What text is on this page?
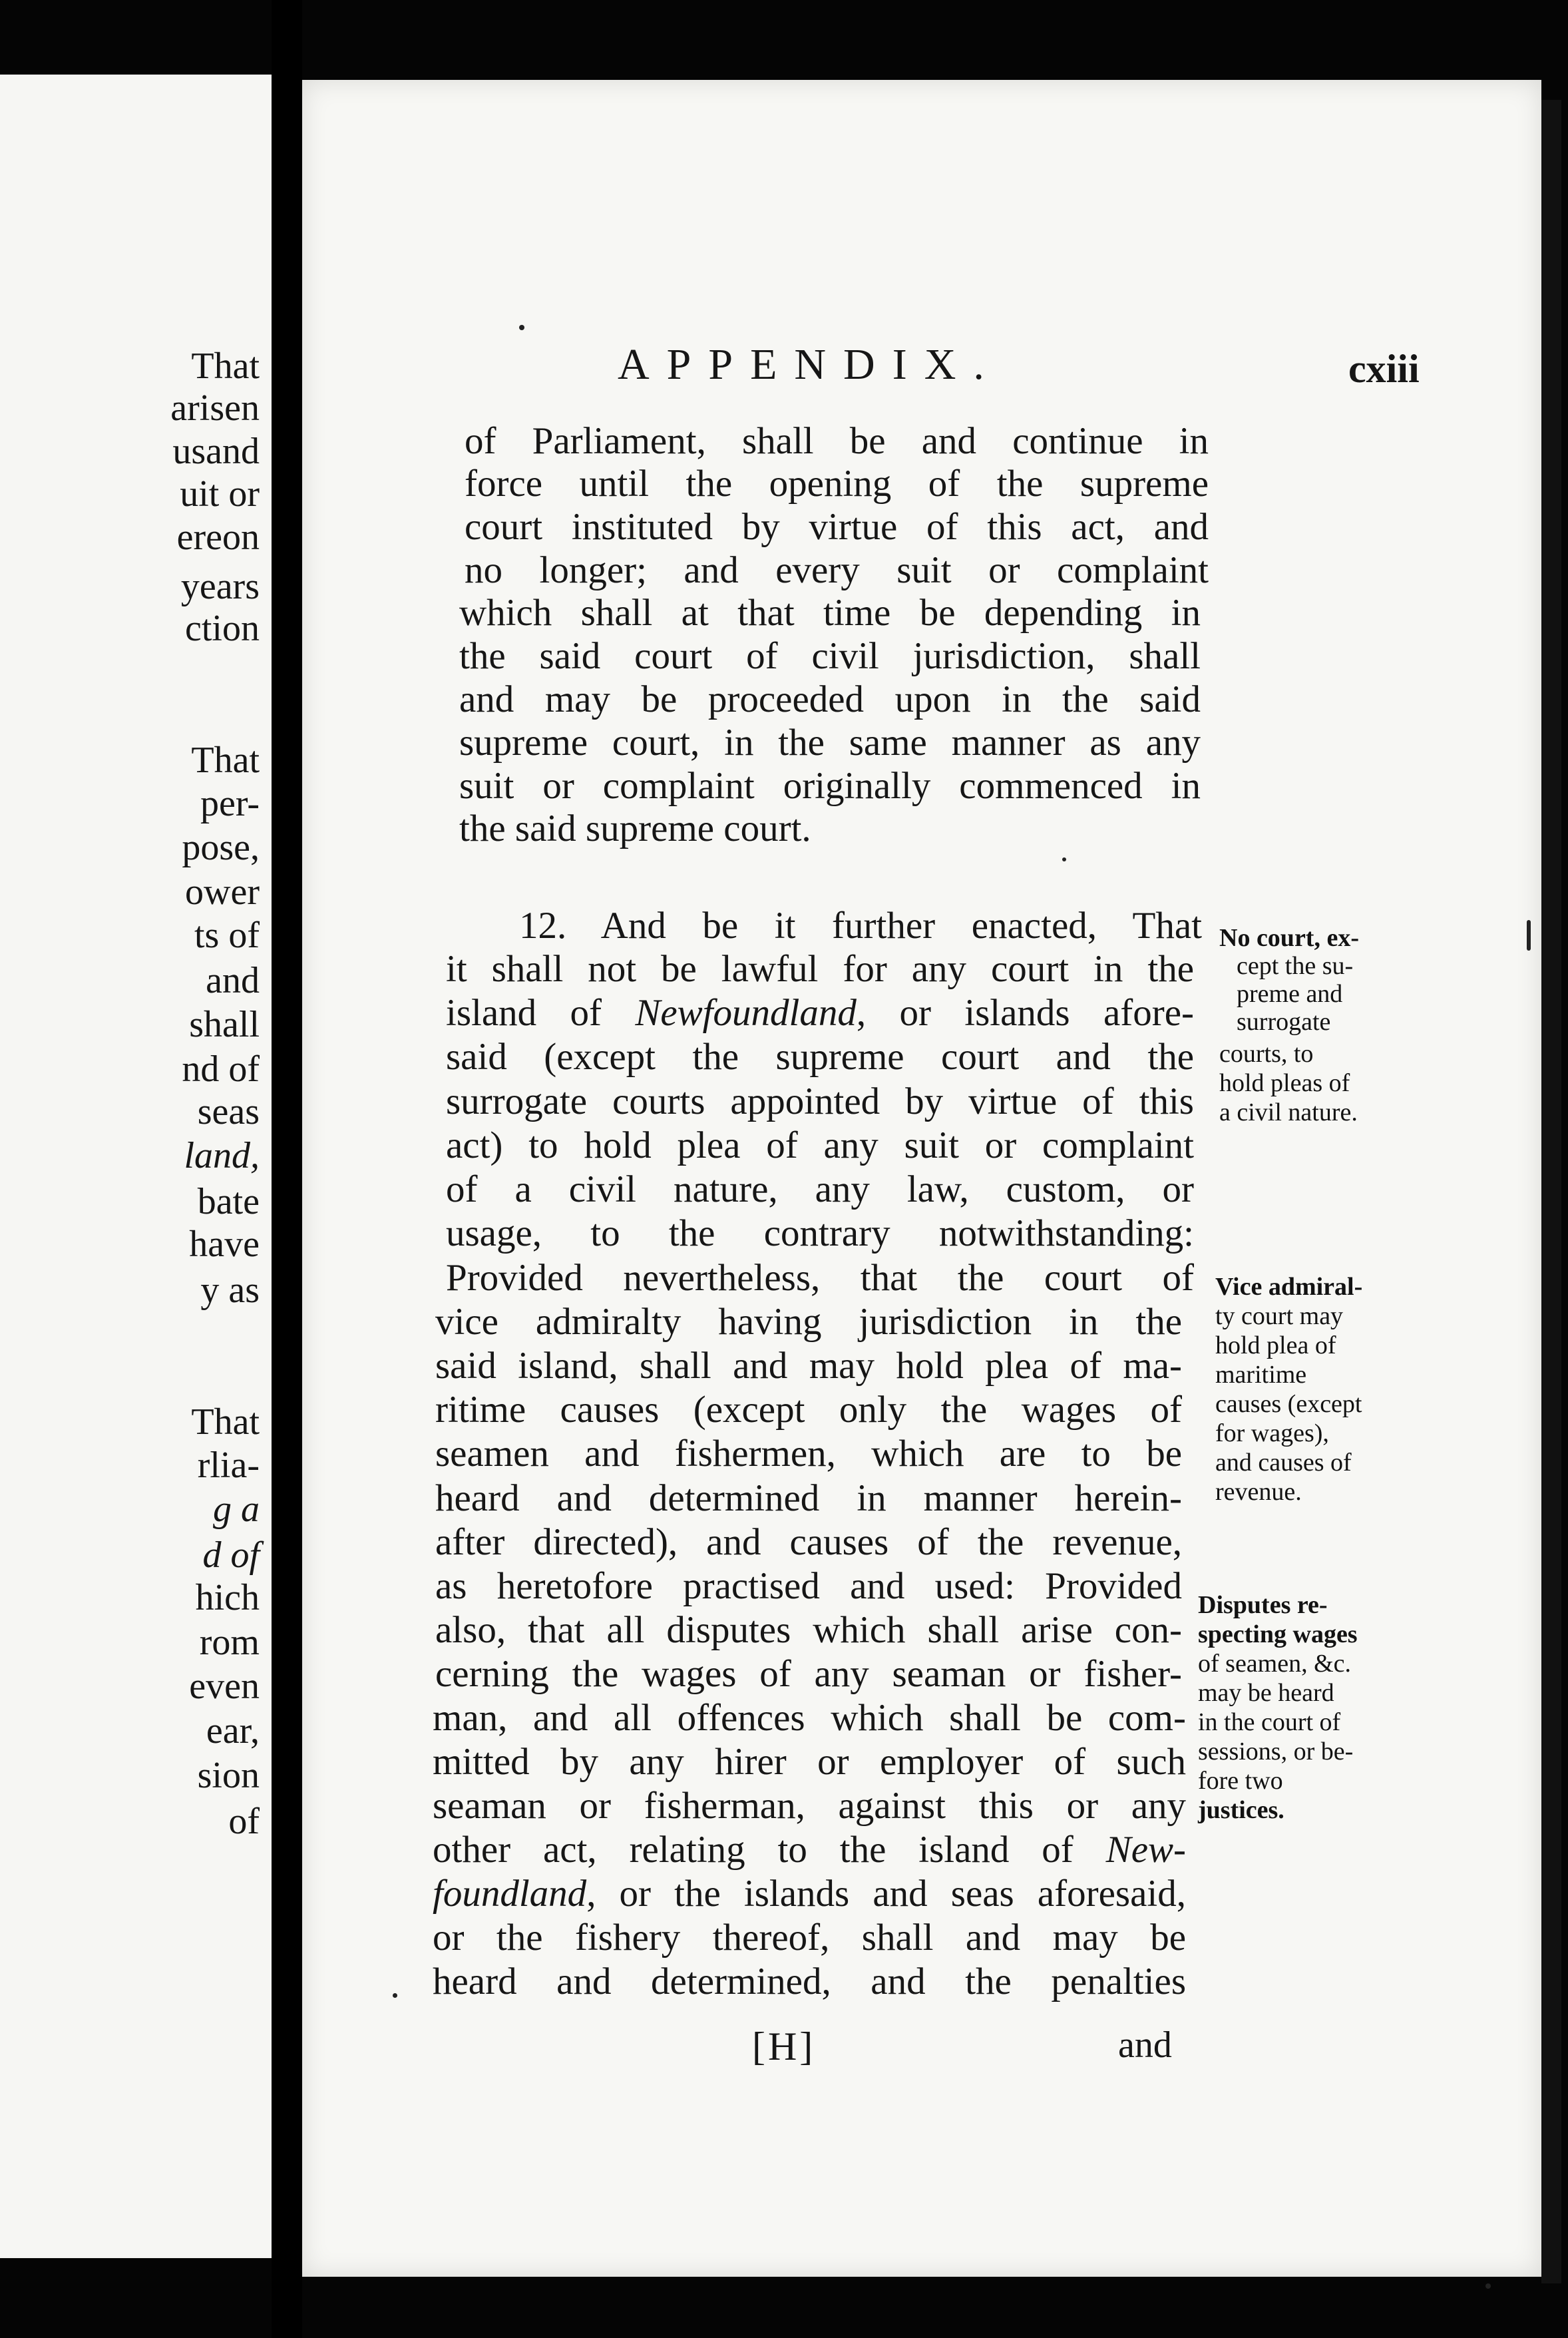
That

arisen

usand

uit or

ereon

years

ction

That

per-

pose,

ower

ts of

and

shall

nd of

seas

land,

bate

have

y as

That

rlia-

g a

d of

hich

rom

even

ear,

sion

of

APPENDIX.	cxiii
of Parliament, shall be and continue in
force until the opening of the supreme
court instituted by virtue of this act, and
no longer; and every suit or complaint
which shall at that time be depending in
the said court of civil jurisdiction, shall
and may be proceeded upon in the said
supreme court, in the same manner as any
suit or complaint originally commenced in
the said supreme court.
12. And be it further enacted, That
it shall not be lawful for any court in the
island of Newfoundland, or islands afore-
said (except the supreme court and the
surrogate courts appointed by virtue of this
act) to hold plea of any suit or complaint
of a civil nature, any law, custom, or
usage, to the contrary notwithstanding:
Provided nevertheless, that the court of
vice admiralty having jurisdiction in the
said island, shall and may hold plea of ma-
ritime causes (except only the wages of
seamen and fishermen, which are to be
heard and determined in manner herein-
after directed), and causes of the revenue,
as heretofore practised and used: Provided
also, that all disputes which shall arise con-
cerning the wages of any seaman or fisher-
man, and all offences which shall be com-
mitted by any hirer or employer of such
seaman or fisherman, against this or any
other act, relating to the island of New-
foundland, or the islands and seas aforesaid,
or the fishery thereof, shall and may be
heard and determined, and the penalties

No court, ex-

cept the su-

preme and

surrogate

courts, to

hold pleas of

a civil nature.

Vice admiral-

ty court may

hold plea of

maritime

causes (except

for wages),

and causes of

revenue.

Disputes re-

specting wages

of seamen, &c.

may be heard

in the court of

sessions, or be-

fore two

justices.

[H]	and
